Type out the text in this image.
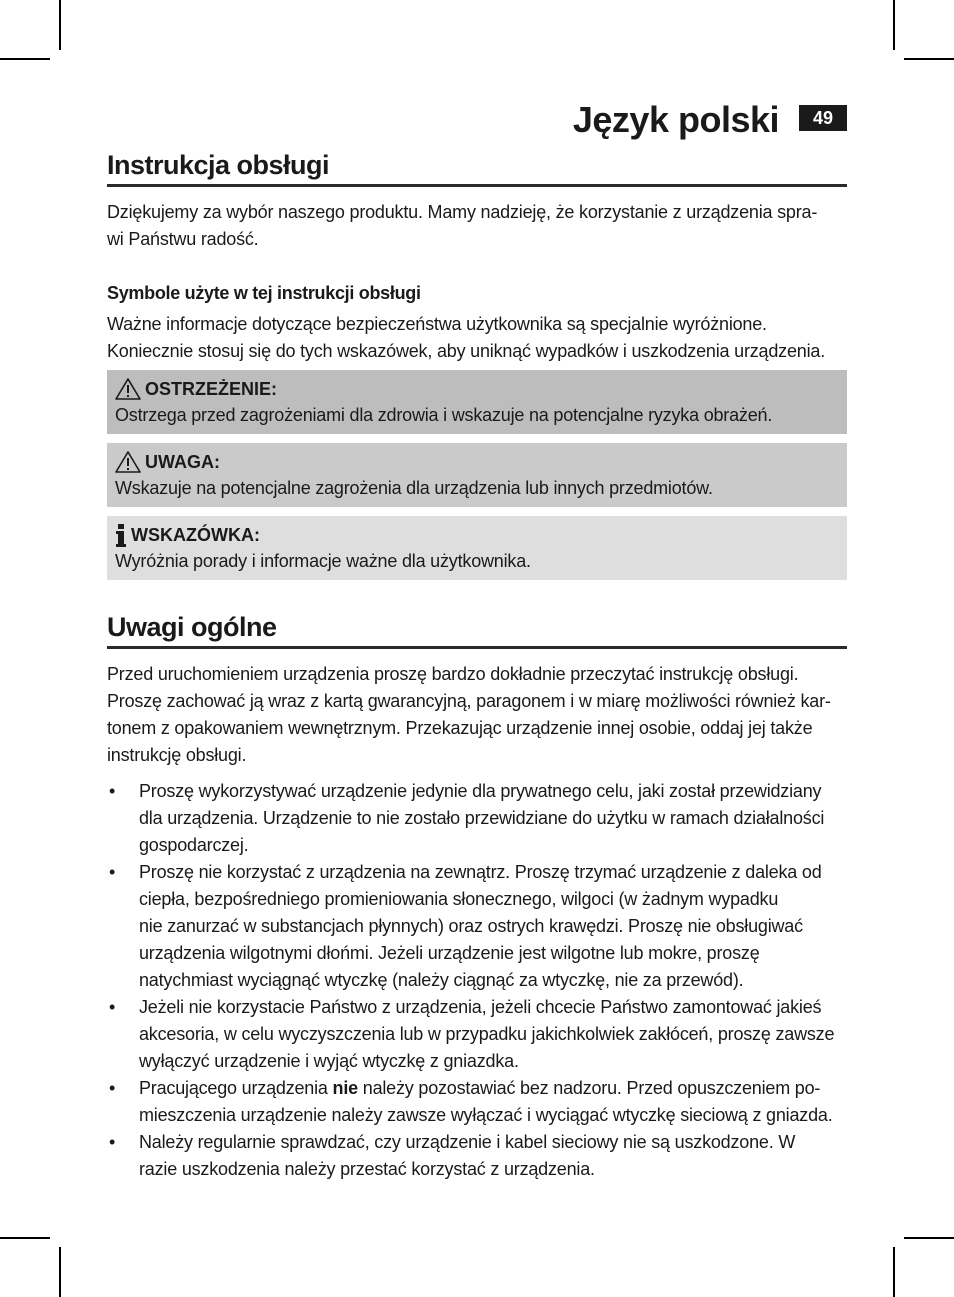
Język polski	49
Instrukcja obsługi

Dziękujemy za wybór naszego produktu. Mamy nadzieję, że korzystanie z urządzenia spra-

wi Państwu radość.

Symbole użyte w tej instrukcji obsługi

Ważne informacje dotyczące bezpieczeństwa użytkownika są specjalnie wyróżnione.

Koniecznie stosuj się do tych wskazówek, aby uniknąć wypadków i uszkodzenia urządzenia.

OSTRZEŻENIE:
Ostrzega przed zagrożeniami dla zdrowia i wskazuje na potencjalne ryzyka obrażeń.
UWAGA:
Wskazuje na potencjalne zagrożenia dla urządzenia lub innych przedmiotów.
WSKAZÓWKA:
Wyróżnia porady i informacje ważne dla użytkownika.
Uwagi ogólne

Przed uruchomieniem urządzenia proszę bardzo dokładnie przeczytać instrukcję obsługi.

Proszę zachować ją wraz z kartą gwarancyjną, paragonem i w miarę możliwości również kar-

tonem z opakowaniem wewnętrznym. Przekazując urządzenie innej osobie, oddaj jej także

instrukcję obsługi.

• Proszę wykorzystywać urządzenie jedynie dla prywatnego celu, jaki został przewidziany
dla urządzenia. Urządzenie to nie zostało przewidziane do użytku w ramach działalności
gospodarczej.
• Proszę nie korzystać z urządzenia na zewnątrz. Proszę trzymać urządzenie z daleka od
ciepła, bezpośredniego promieniowania słonecznego, wilgoci (w żadnym wypadku
nie zanurzać w substancjach płynnych) oraz ostrych krawędzi. Proszę nie obsługiwać
urządzenia wilgotnymi dłońmi. Jeżeli urządzenie jest wilgotne lub mokre, proszę
natychmiast wyciągnąć wtyczkę (należy ciągnąć za wtyczkę, nie za przewód).
• Jeżeli nie korzystacie Państwo z urządzenia, jeżeli chcecie Państwo zamontować jakieś
akcesoria, w celu wyczyszczenia lub w przypadku jakichkolwiek zakłóceń, proszę zawsze
wyłączyć urządzenie i wyjąć wtyczkę z gniazdka.
• Pracującego urządzenia nie należy pozostawiać bez nadzoru. Przed opuszczeniem po-
mieszczenia urządzenie należy zawsze wyłączać i wyciągać wtyczkę sieciową z gniazda.
• Należy regularnie sprawdzać, czy urządzenie i kabel sieciowy nie są uszkodzone. W
razie uszkodzenia należy przestać korzystać z urządzenia.
